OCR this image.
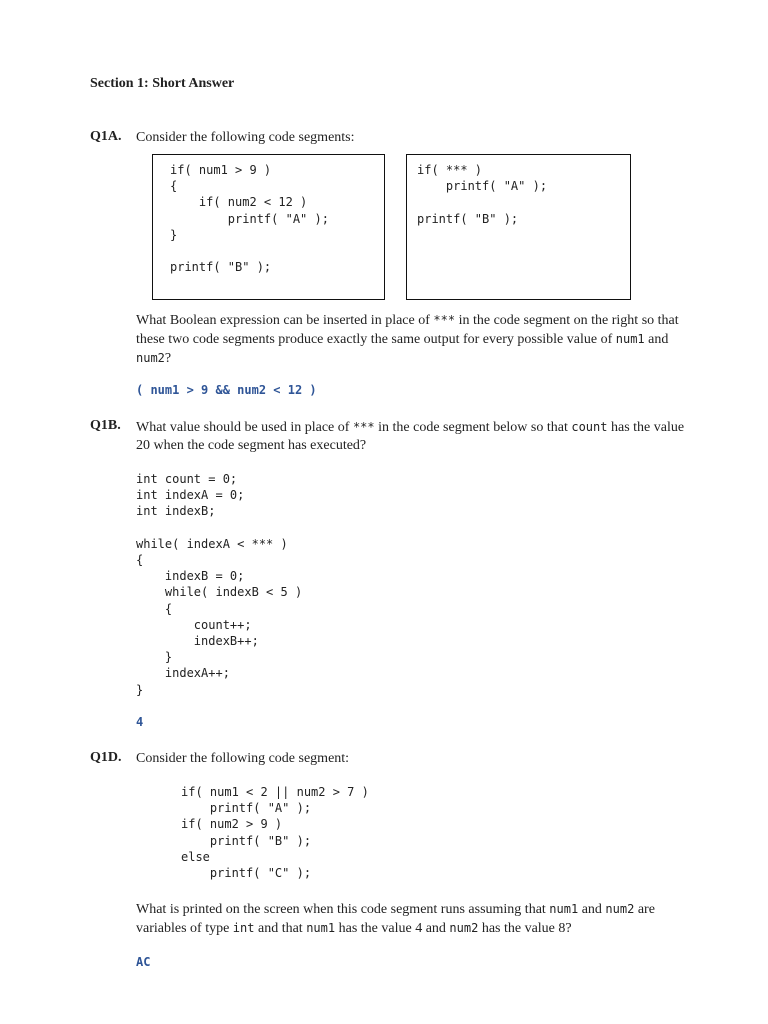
Section 1: Short Answer
Q1A. Consider the following code segments:
if( num1 > 9 )
{
if( num2 < 12 )
printf( "A" );
}

printf( "B" );
if( *** )
printf( "A" );

printf( "B" );
What Boolean expression can be inserted in place of *** in the code segment on the right so that these two code segments produce exactly the same output for every possible value of num1 and num2?
( num1 > 9 && num2 < 12 )
Q1B. What value should be used in place of *** in the code segment below so that count has the value 20 when the code segment has executed?
int count = 0;
int indexA = 0;
int indexB;

while( indexA < *** )
{
indexB = 0;
while( indexB < 5 )
{
count++;
indexB++;
}
indexA++;
}
4
Q1D. Consider the following code segment:
if( num1 < 2 || num2 > 7 )
printf( "A" );
if( num2 > 9 )
printf( "B" );
else
printf( "C" );
What is printed on the screen when this code segment runs assuming that num1 and num2 are variables of type int and that num1 has the value 4 and num2 has the value 8?
AC
